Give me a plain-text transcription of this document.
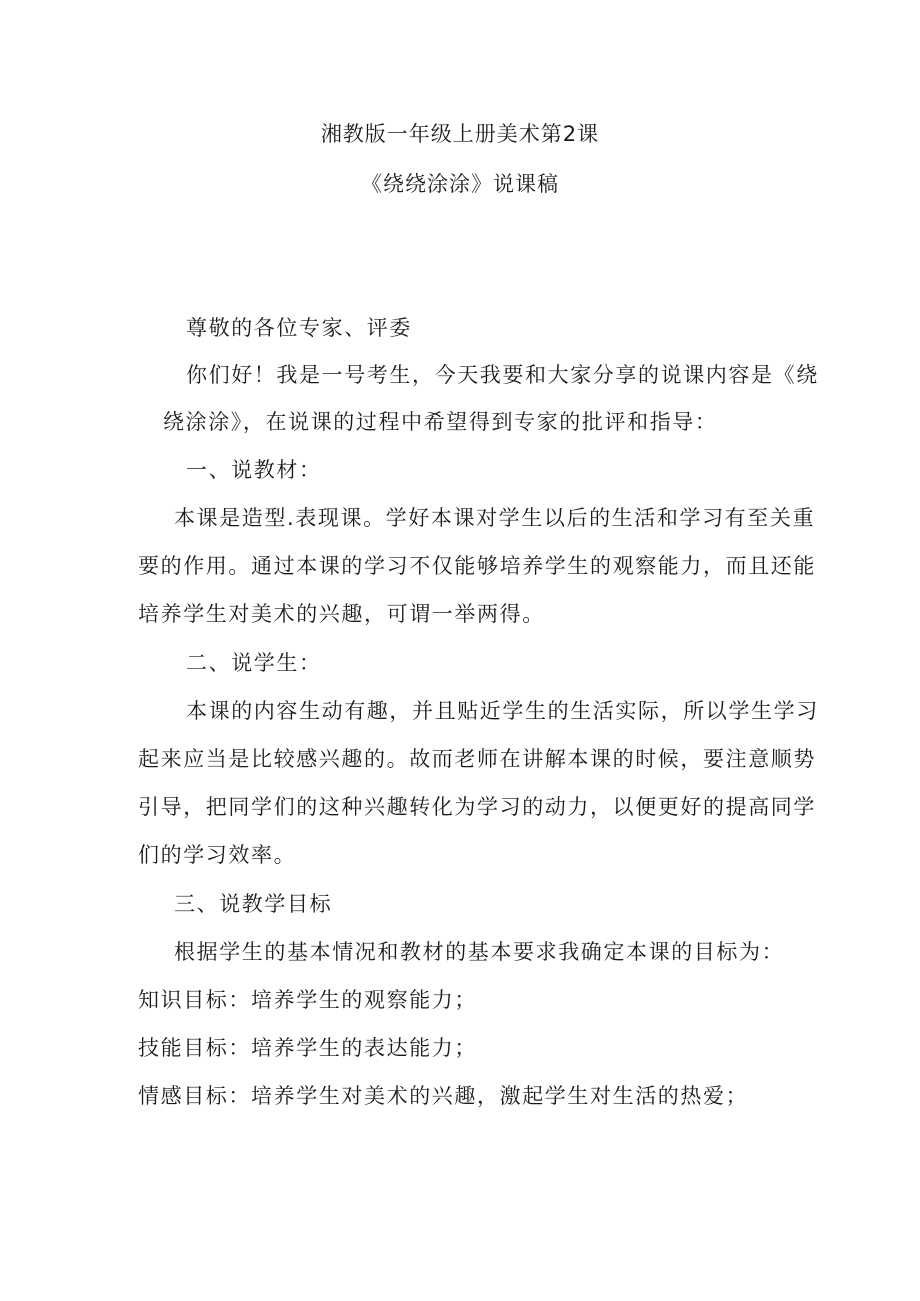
湘教版一年级上册美术第2课
《绕绕涂涂》说课稿
尊敬的各位专家、评委
你们好！我是一号考生，今天我要和大家分享的说课内容是《绕
绕涂涂》，在说课的过程中希望得到专家的批评和指导：
一、说教材：
本课是造型.表现课。学好本课对学生以后的生活和学习有至关重
要的作用。通过本课的学习不仅能够培养学生的观察能力，而且还能
培养学生对美术的兴趣，可谓一举两得。
二、说学生：
本课的内容生动有趣，并且贴近学生的生活实际，所以学生学习
起来应当是比较感兴趣的。故而老师在讲解本课的时候，要注意顺势
引导，把同学们的这种兴趣转化为学习的动力，以便更好的提高同学
们的学习效率。
三、说教学目标
根据学生的基本情况和教材的基本要求我确定本课的目标为：
知识目标：培养学生的观察能力；
技能目标：培养学生的表达能力；
情感目标：培养学生对美术的兴趣，激起学生对生活的热爱；
